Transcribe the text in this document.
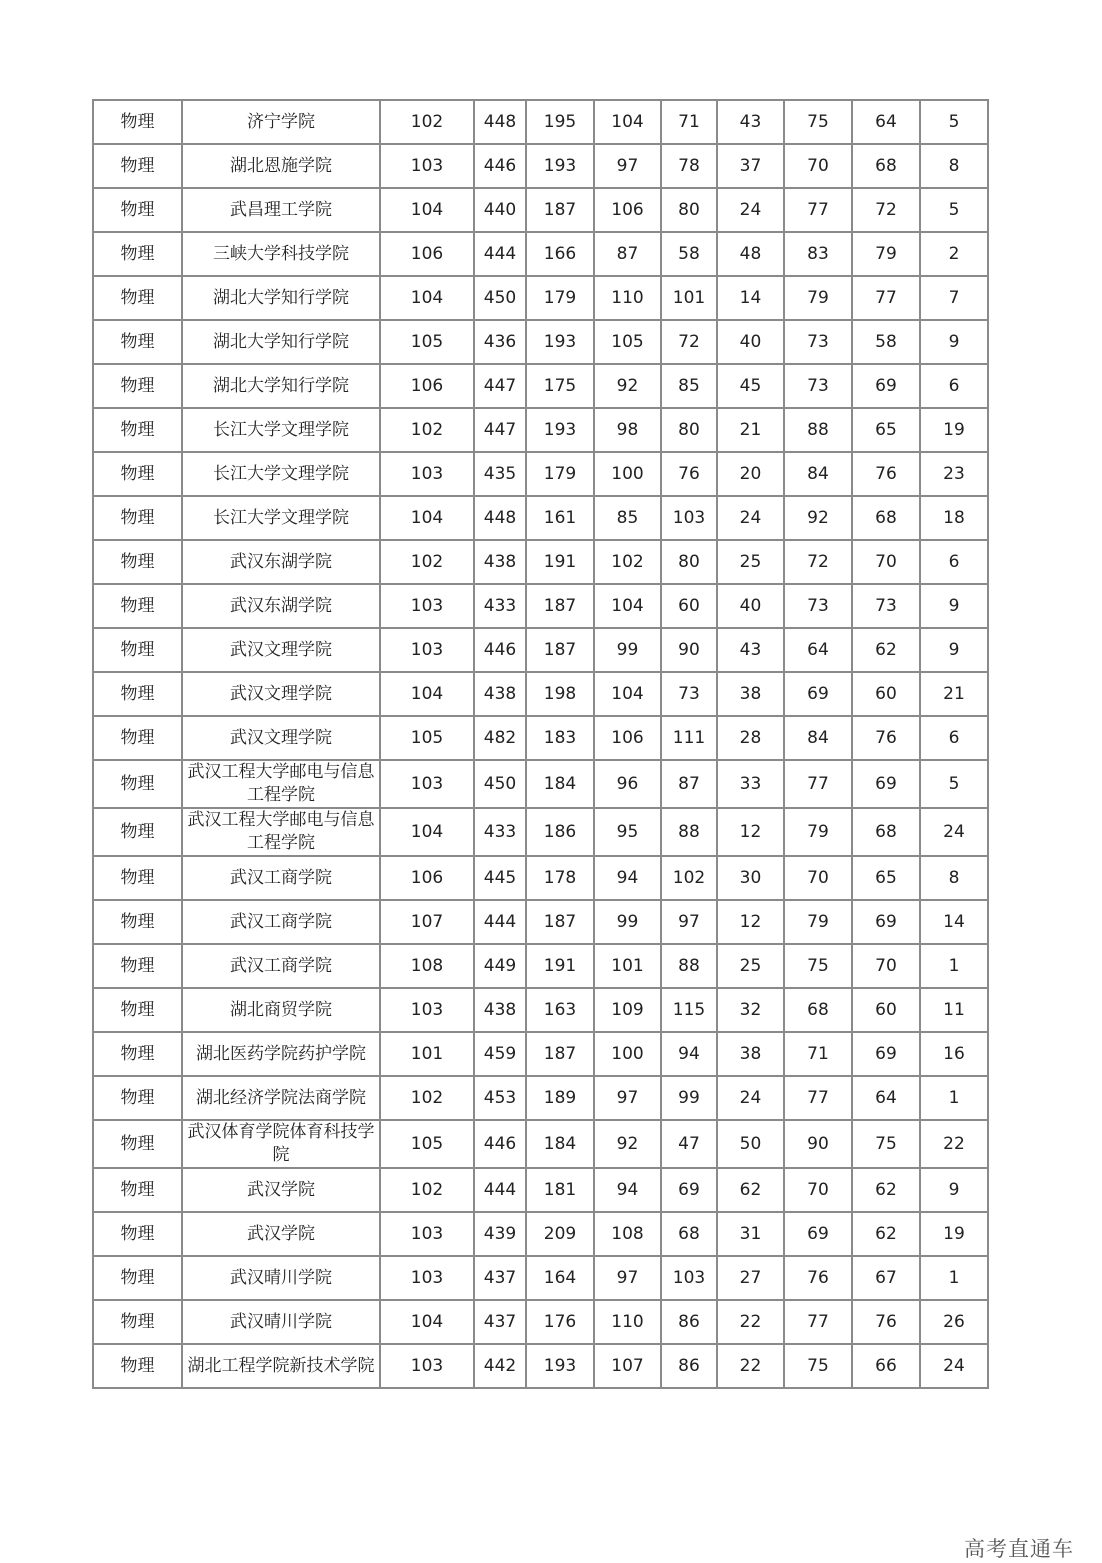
物理	济宁学院	102	448	195	104	71	43	75	64	5
物理	湖北恩施学院	103	446	193	97	78	37	70	68	8
物理	武昌理工学院	104	440	187	106	80	24	77	72	5
物理	三峡大学科技学院	106	444	166	87	58	48	83	79	2
物理	湖北大学知行学院	104	450	179	110	101	14	79	77	7
物理	湖北大学知行学院	105	436	193	105	72	40	73	58	9
物理	湖北大学知行学院	106	447	175	92	85	45	73	69	6
物理	长江大学文理学院	102	447	193	98	80	21	88	65	19
物理	长江大学文理学院	103	435	179	100	76	20	84	76	23
物理	长江大学文理学院	104	448	161	85	103	24	92	68	18
物理	武汉东湖学院	102	438	191	102	80	25	72	70	6
物理	武汉东湖学院	103	433	187	104	60	40	73	73	9
物理	武汉文理学院	103	446	187	99	90	43	64	62	9
物理	武汉文理学院	104	438	198	104	73	38	69	60	21
物理	武汉文理学院	105	482	183	106	111	28	84	76	6
物理	武汉工程大学邮电与信息工程学院	103	450	184	96	87	33	77	69	5
物理	武汉工程大学邮电与信息工程学院	104	433	186	95	88	12	79	68	24
物理	武汉工商学院	106	445	178	94	102	30	70	65	8
物理	武汉工商学院	107	444	187	99	97	12	79	69	14
物理	武汉工商学院	108	449	191	101	88	25	75	70	1
物理	湖北商贸学院	103	438	163	109	115	32	68	60	11
物理	湖北医药学院药护学院	101	459	187	100	94	38	71	69	16
物理	湖北经济学院法商学院	102	453	189	97	99	24	77	64	1
物理	武汉体育学院体育科技学院	105	446	184	92	47	50	90	75	22
物理	武汉学院	102	444	181	94	69	62	70	62	9
物理	武汉学院	103	439	209	108	68	31	69	62	19
物理	武汉晴川学院	103	437	164	97	103	27	76	67	1
物理	武汉晴川学院	104	437	176	110	86	22	77	76	26
物理	湖北工程学院新技术学院	103	442	193	107	86	22	75	66	24
高考直通车
